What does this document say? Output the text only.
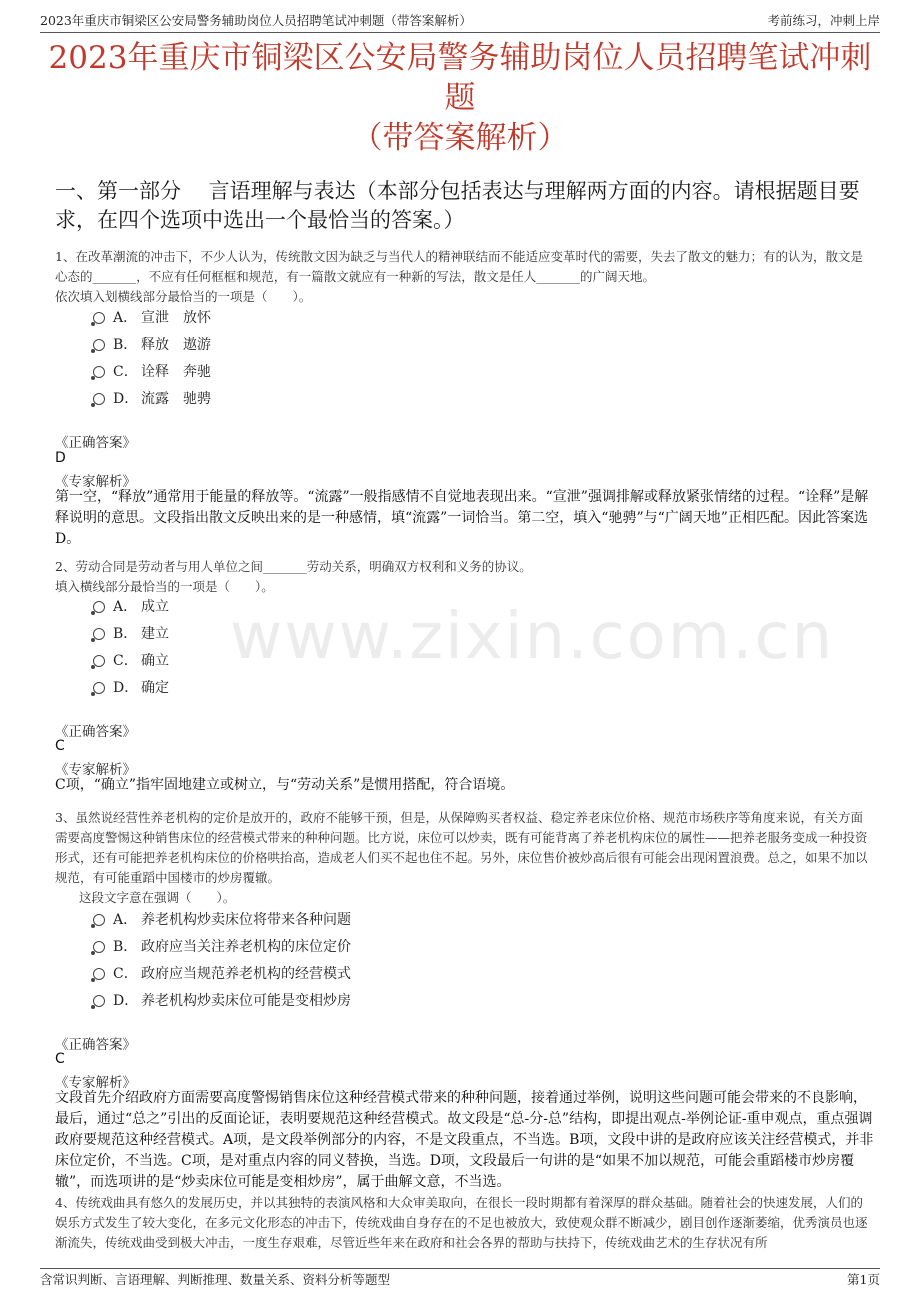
2023年重庆市铜梁区公安局警务辅助岗位人员招聘笔试冲刺题（带答案解析）	考前练习，冲刺上岸
2023年重庆市铜梁区公安局警务辅助岗位人员招聘笔试冲刺题
（带答案解析）
一、第一部分　 言语理解与表达（本部分包括表达与理解两方面的内容。请根据题目要求，在四个选项中选出一个最恰当的答案。）
1、在改革潮流的冲击下，不少人认为，传统散文因为缺乏与当代人的精神联结而不能适应变革时代的需要，失去了散文的魅力；有的认为，散文是心态的_______，不应有任何框框和规范，有一篇散文就应有一种新的写法，散文是任人_______的广阔天地。
依次填入划横线部分最恰当的一项是（　　）。
A． 宣泄　放怀
B． 释放　遨游
C． 诠释　奔驰
D． 流露　驰骋
《正确答案》
D
《专家解析》
第一空，“释放”通常用于能量的释放等。“流露”一般指感情不自觉地表现出来。“宣泄”强调排解或释放紧张情绪的过程。“诠释”是解释说明的意思。文段指出散文反映出来的是一种感情，填“流露”一词恰当。第二空，填入“驰骋”与“广阔天地”正相匹配。因此答案选D。
2、劳动合同是劳动者与用人单位之间_______劳动关系，明确双方权利和义务的协议。
填入横线部分最恰当的一项是（　　）。
A． 成立
B． 建立
C． 确立
D． 确定
《正确答案》
C
《专家解析》
C项，“确立”指牢固地建立或树立，与“劳动关系”是惯用搭配，符合语境。
3、虽然说经营性养老机构的定价是放开的，政府不能够干预，但是，从保障购买者权益、稳定养老床位价格、规范市场秩序等角度来说，有关方面需要高度警惕这种销售床位的经营模式带来的种种问题。比方说，床位可以炒卖，既有可能背离了养老机构床位的属性——把养老服务变成一种投资形式，还有可能把养老机构床位的价格哄抬高，造成老人们买不起也住不起。另外，床位售价被炒高后很有可能会出现闲置浪费。总之，如果不加以规范，有可能重蹈中国楼市的炒房覆辙。
这段文字意在强调（　　）。
A． 养老机构炒卖床位将带来各种问题
B． 政府应当关注养老机构的床位定价
C． 政府应当规范养老机构的经营模式
D． 养老机构炒卖床位可能是变相炒房
《正确答案》
C
《专家解析》
文段首先介绍政府方面需要高度警惕销售床位这种经营模式带来的种种问题，接着通过举例，说明这些问题可能会带来的不良影响，最后，通过“总之”引出的反面论证，表明要规范这种经营模式。故文段是“总-分-总”结构，即提出观点-举例论证-重申观点，重点强调政府要规范这种经营模式。A项，是文段举例部分的内容，不是文段重点，不当选。B项，文段中讲的是政府应该关注经营模式，并非床位定价，不当选。C项，是对重点内容的同义替换，当选。D项，文段最后一句讲的是“如果不加以规范，可能会重蹈楼市炒房覆辙”，而选项讲的是“炒卖床位可能是变相炒房”，属于曲解文意，不当选。
4、传统戏曲具有悠久的发展历史，并以其独特的表演风格和大众审美取向，在很长一段时期都有着深厚的群众基础。随着社会的快速发展，人们的娱乐方式发生了较大变化，在多元文化形态的冲击下，传统戏曲自身存在的不足也被放大，致使观众群不断减少，剧目创作逐渐萎缩，优秀演员也逐渐流失，传统戏曲受到极大冲击，一度生存艰难，尽管近些年来在政府和社会各界的帮助与扶持下，传统戏曲艺术的生存状况有所
www.zixin.com.cn
含常识判断、言语理解、判断推理、数量关系、资料分析等题型	第1页
